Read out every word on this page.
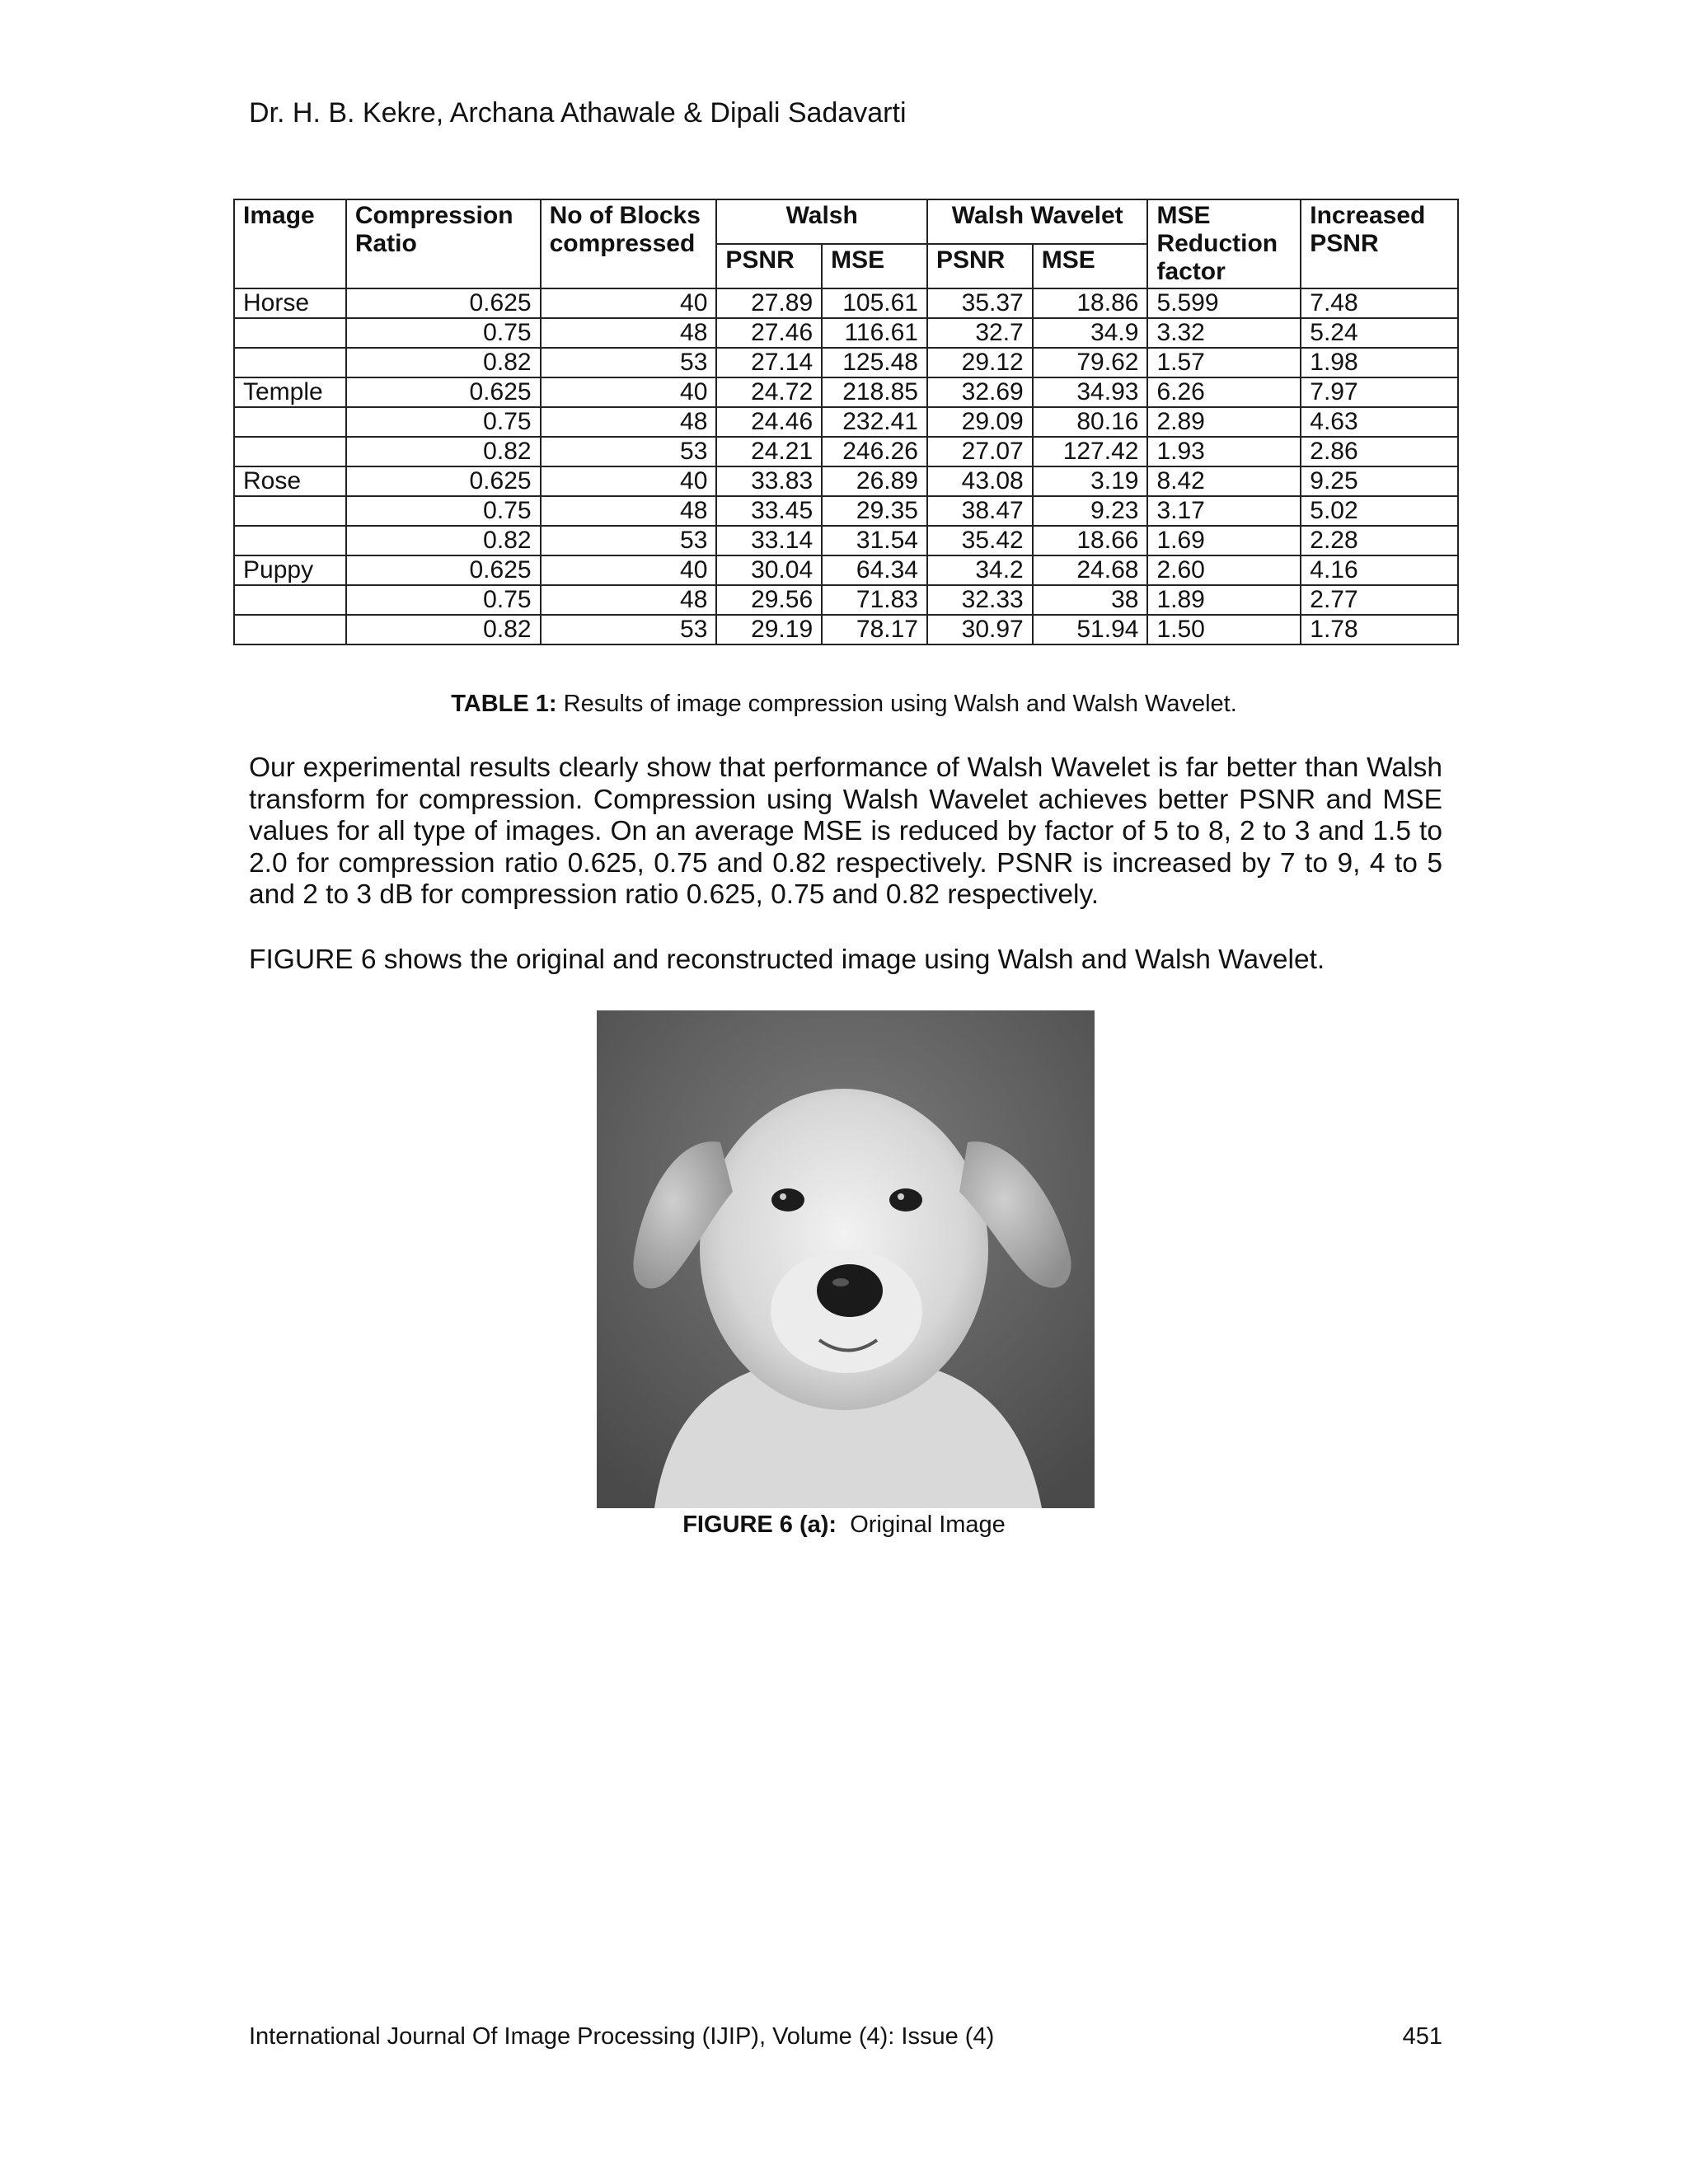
Dr. H. B. Kekre, Archana Athawale & Dipali Sadavarti
Image	Compression Ratio	No of Blocks compressed	Walsh		Walsh Wavelet		MSE Reduction factor	Increased PSNR
			PSNR	MSE	PSNR	MSE		
Horse	0.625	40	27.89	105.61	35.37	18.86	5.599	7.48
	0.75	48	27.46	116.61	32.7	34.9	3.32	5.24
	0.82	53	27.14	125.48	29.12	79.62	1.57	1.98
Temple	0.625	40	24.72	218.85	32.69	34.93	6.26	7.97
	0.75	48	24.46	232.41	29.09	80.16	2.89	4.63
	0.82	53	24.21	246.26	27.07	127.42	1.93	2.86
Rose	0.625	40	33.83	26.89	43.08	3.19	8.42	9.25
	0.75	48	33.45	29.35	38.47	9.23	3.17	5.02
	0.82	53	33.14	31.54	35.42	18.66	1.69	2.28
Puppy	0.625	40	30.04	64.34	34.2	24.68	2.60	4.16
	0.75	48	29.56	71.83	32.33	38	1.89	2.77
	0.82	53	29.19	78.17	30.97	51.94	1.50	1.78
TABLE 1: Results of image compression using Walsh and Walsh Wavelet.
Our experimental results clearly show that performance of Walsh Wavelet is far better than Walsh transform for compression. Compression using Walsh Wavelet achieves better PSNR and MSE values for all type of images. On an average MSE is reduced by factor of 5 to 8, 2 to 3 and 1.5 to 2.0 for compression ratio 0.625, 0.75 and 0.82 respectively. PSNR is increased by 7 to 9, 4 to 5 and 2 to 3 dB for compression ratio 0.625, 0.75 and 0.82 respectively.
FIGURE 6 shows the original and reconstructed image using Walsh and Walsh Wavelet.
FIGURE 6 (a):  Original Image
International Journal Of Image Processing (IJIP), Volume (4): Issue (4)	451
